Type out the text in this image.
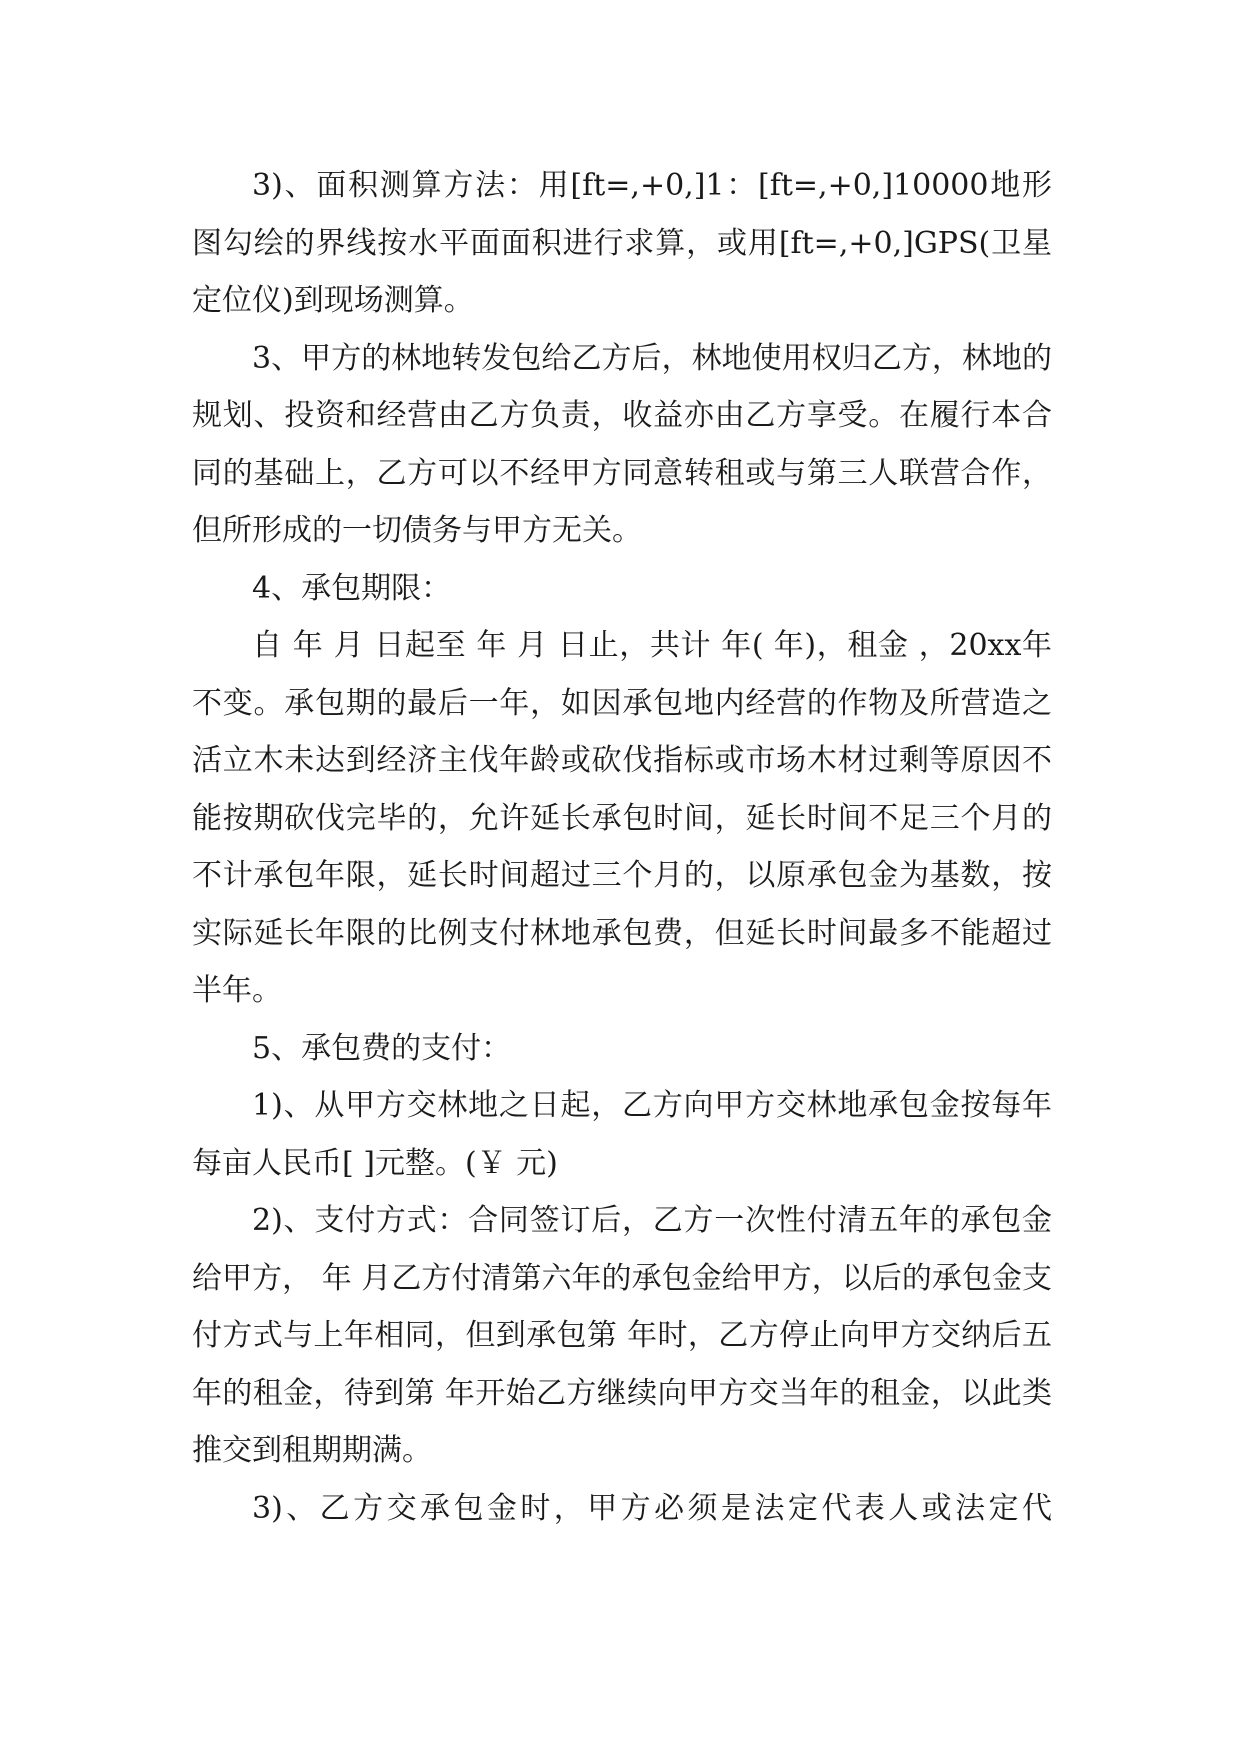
3)、面积测算方法：用[ft=,+0,]1：[ft=,+0,]10000地形图勾绘的界线按水平面面积进行求算，或用[ft=,+0,]GPS(卫星定位仪)到现场测算。

3、甲方的林地转发包给乙方后，林地使用权归乙方，林地的规划、投资和经营由乙方负责，收益亦由乙方享受。在履行本合同的基础上，乙方可以不经甲方同意转租或与第三人联营合作，但所形成的一切债务与甲方无关。

4、承包期限：

自 年 月 日起至 年 月 日止，共计 年( 年)，租金 ，20xx年不变。承包期的最后一年，如因承包地内经营的作物及所营造之活立木未达到经济主伐年龄或砍伐指标或市场木材过剩等原因不能按期砍伐完毕的，允许延长承包时间，延长时间不足三个月的不计承包年限，延长时间超过三个月的，以原承包金为基数，按实际延长年限的比例支付林地承包费，但延长时间最多不能超过半年。

5、承包费的支付：

1)、从甲方交林地之日起，乙方向甲方交林地承包金按每年每亩人民币[ ]元整。(￥ 元)

2)、支付方式：合同签订后，乙方一次性付清五年的承包金给甲方， 年 月乙方付清第六年的承包金给甲方，以后的承包金支付方式与上年相同，但到承包第 年时，乙方停止向甲方交纳后五年的租金，待到第 年开始乙方继续向甲方交当年的租金，以此类推交到租期期满。

3)、乙方交承包金时，甲方必须是法定代表人或法定代
